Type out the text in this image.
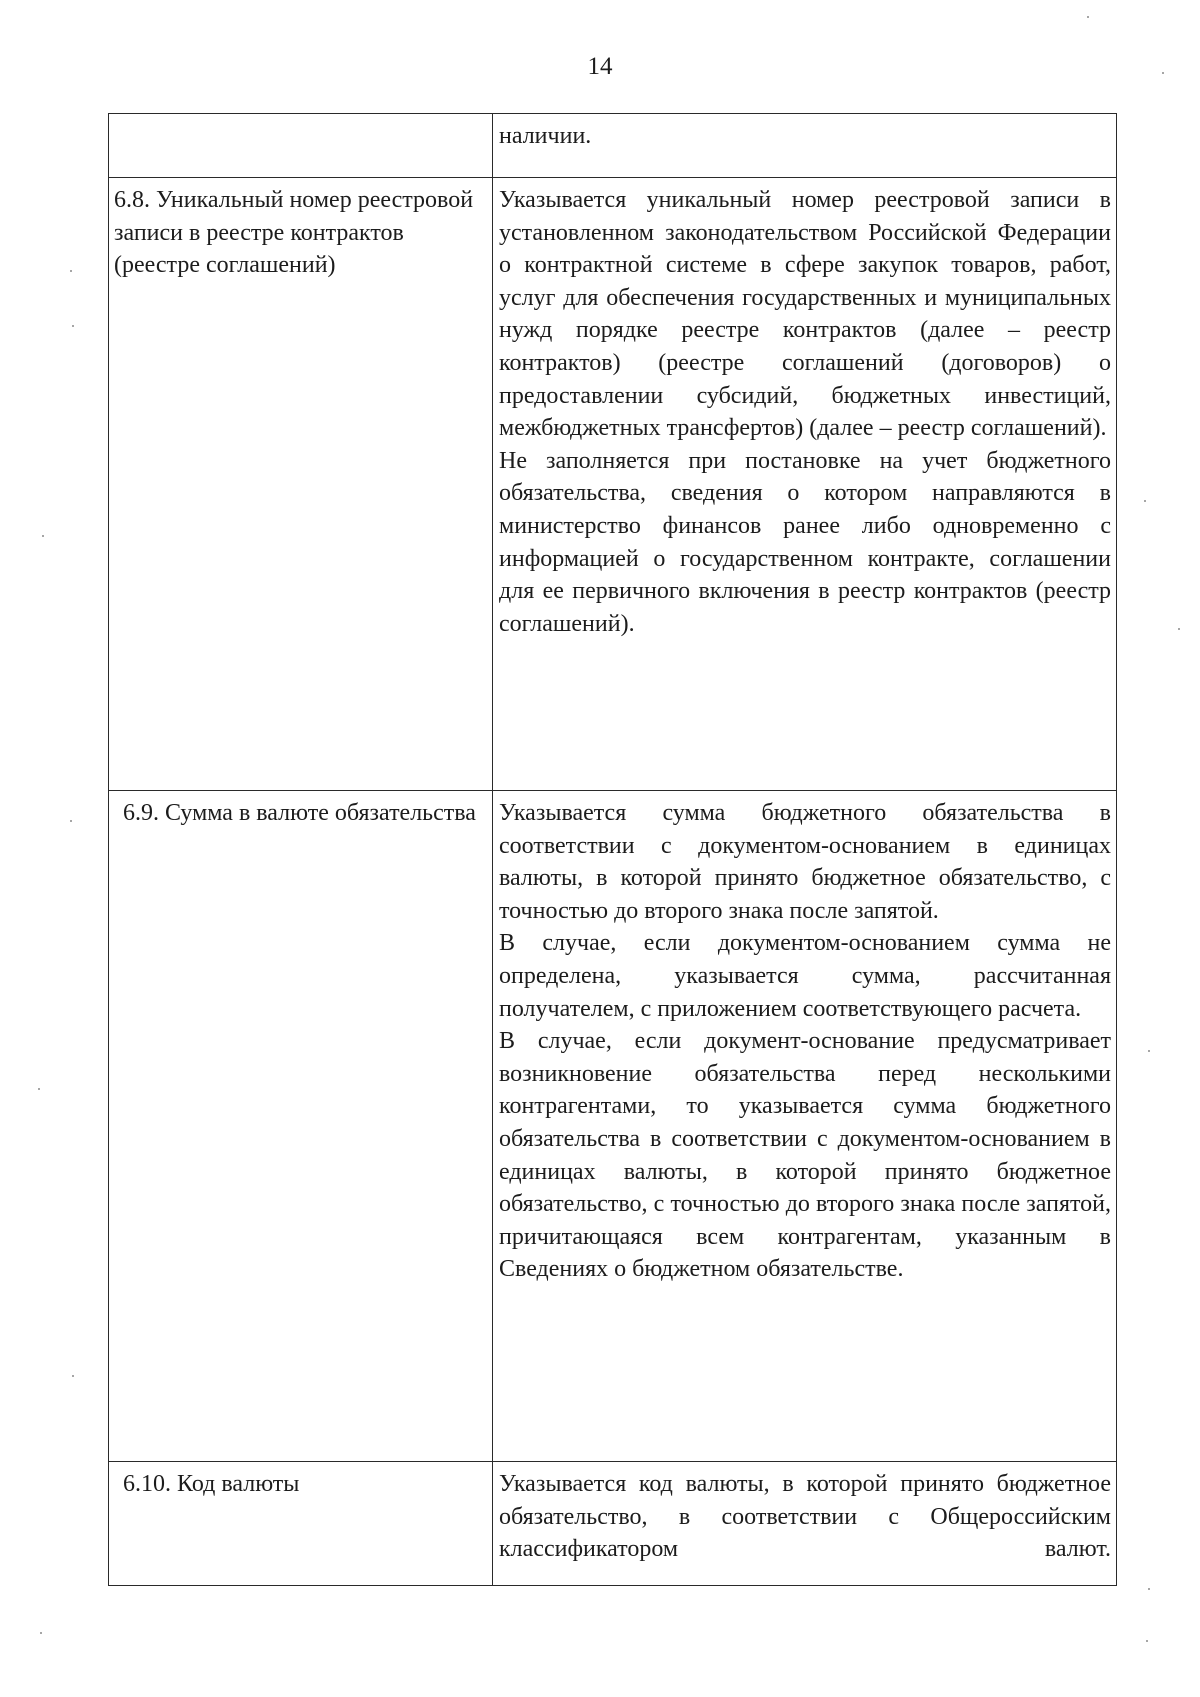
14

	наличии.

6.8. Уникальный номер реестровой записи в реестре контрактов (реестре соглашений)	Указывается уникальный номер реестровой записи в установленном законодательством Российской Федерации о контрактной системе в сфере закупок товаров, работ, услуг для обеспечения государственных и муниципальных нужд порядке реестре контрактов (далее – реестр контрактов) (реестре соглашений (договоров) о предоставлении субсидий, бюджетных инвестиций, межбюджетных трансфертов) (далее – реестр соглашений).

Не заполняется при постановке на учет бюджетного обязательства, сведения о котором направляются в министерство финансов ранее либо одновременно с информацией о государственном контракте, соглашении для ее первичного включения в реестр контрактов (реестр соглашений).

6.9. Сумма в валюте обязательства	Указывается сумма бюджетного обязательства в соответствии с документом-основанием в единицах валюты, в которой принято бюджетное обязательство, с точностью до второго знака после запятой.

В случае, если документом-основанием сумма не определена, указывается сумма, рассчитанная получателем, с приложением соответствующего расчета.

В случае, если документ-основание предусматривает возникновение обязательства перед несколькими контрагентами, то указывается сумма бюджетного обязательства в соответствии с документом-основанием в единицах валюты, в которой принято бюджетное обязательство, с точностью до второго знака после запятой, причитающаяся всем контрагентам, указанным в Сведениях о бюджетном обязательстве.

6.10. Код валюты	Указывается код валюты, в которой принято бюджетное обязательство, в соответствии с Общероссийским классификатором валют.
